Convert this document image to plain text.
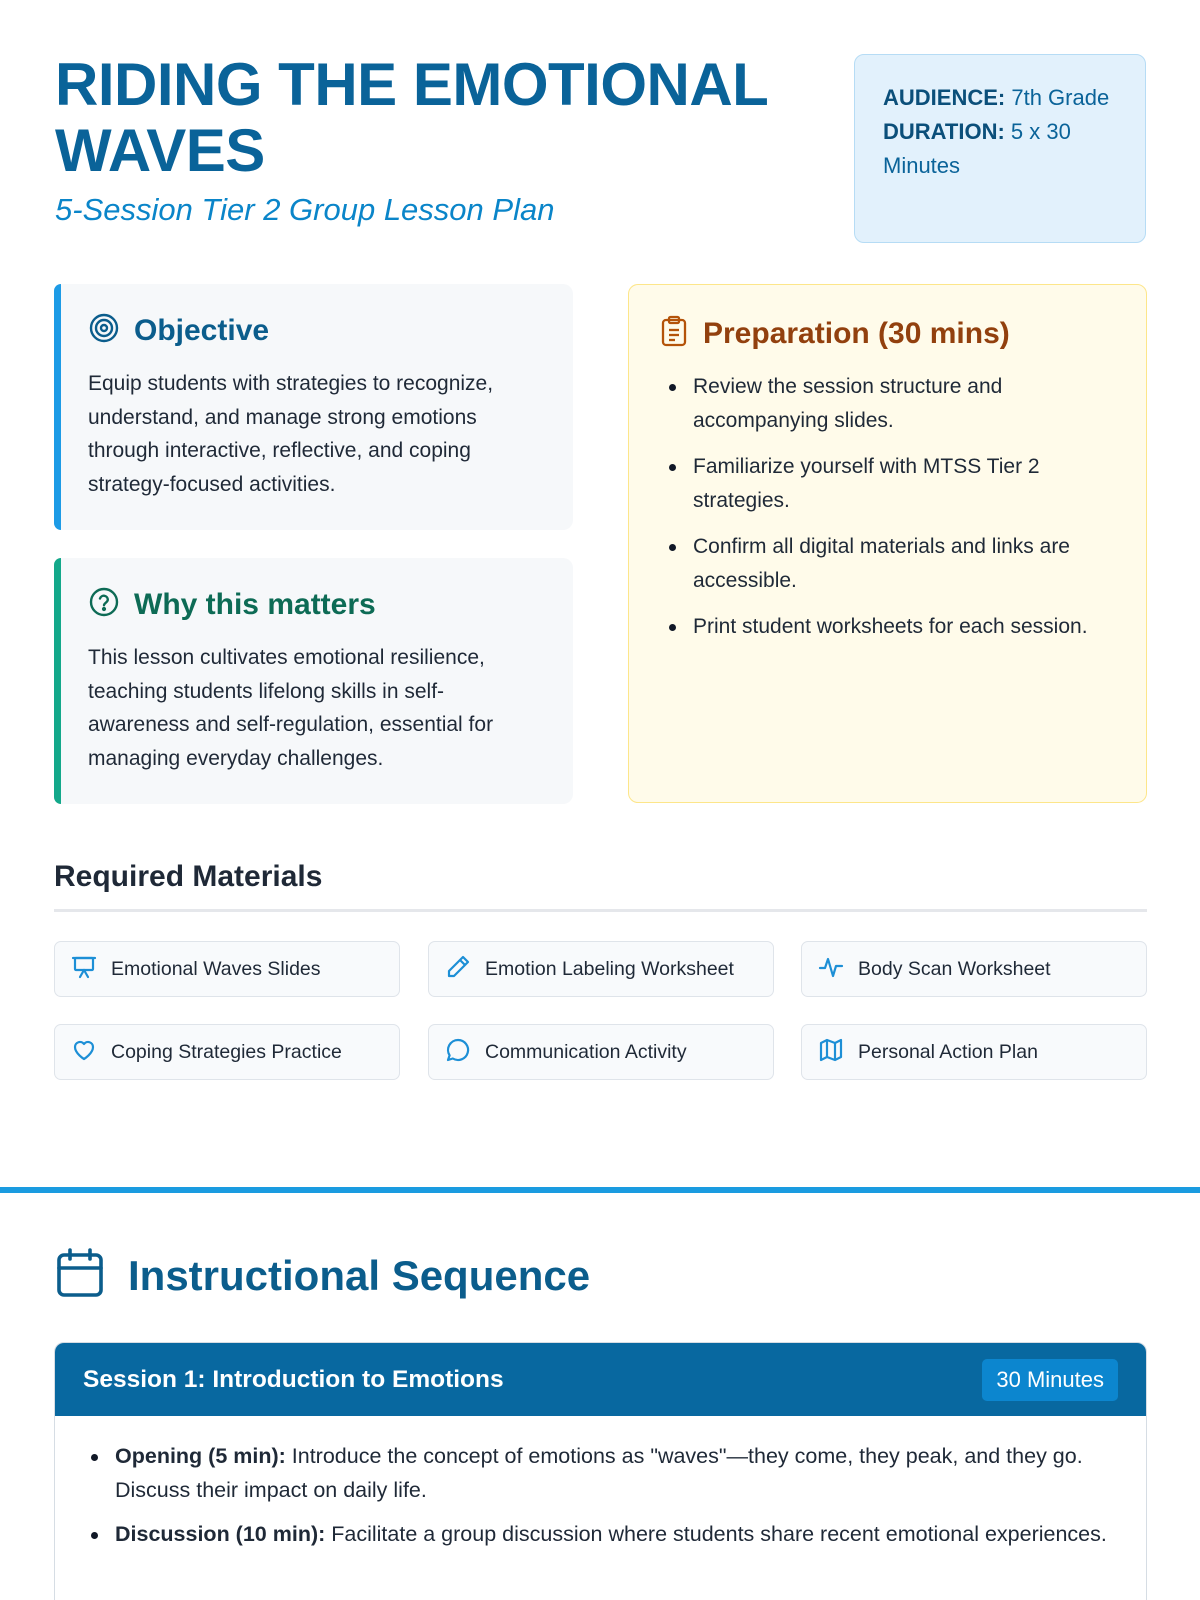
RIDING THE EMOTIONAL
WAVES
5-Session Tier 2 Group Lesson Plan

AUDIENCE: 7th Grade

DURATION: 5 x 30 Minutes

Objective

Equip students with strategies to recognize, understand, and manage strong emotions through interactive, reflective, and coping strategy-focused activities.

Why this matters

This lesson cultivates emotional resilience, teaching students lifelong skills in self-awareness and self-regulation, essential for managing everyday challenges.

Preparation (30 mins)
Review the session structure and accompanying slides.
Familiarize yourself with MTSS Tier 2 strategies.
Confirm all digital materials and links are accessible.
Print student worksheets for each session.
Required Materials
Emotional Waves Slides	Emotion Labeling Worksheet	Body Scan Worksheet
Coping Strategies Practice	Communication Activity	Personal Action Plan
Instructional Sequence
Session 1: Introduction to Emotions	30 Minutes
Opening (5 min): Introduce the concept of emotions as "waves"—they come, they peak, and they go. Discuss their impact on daily life.
Discussion (10 min): Facilitate a group discussion where students share recent emotional experiences.
